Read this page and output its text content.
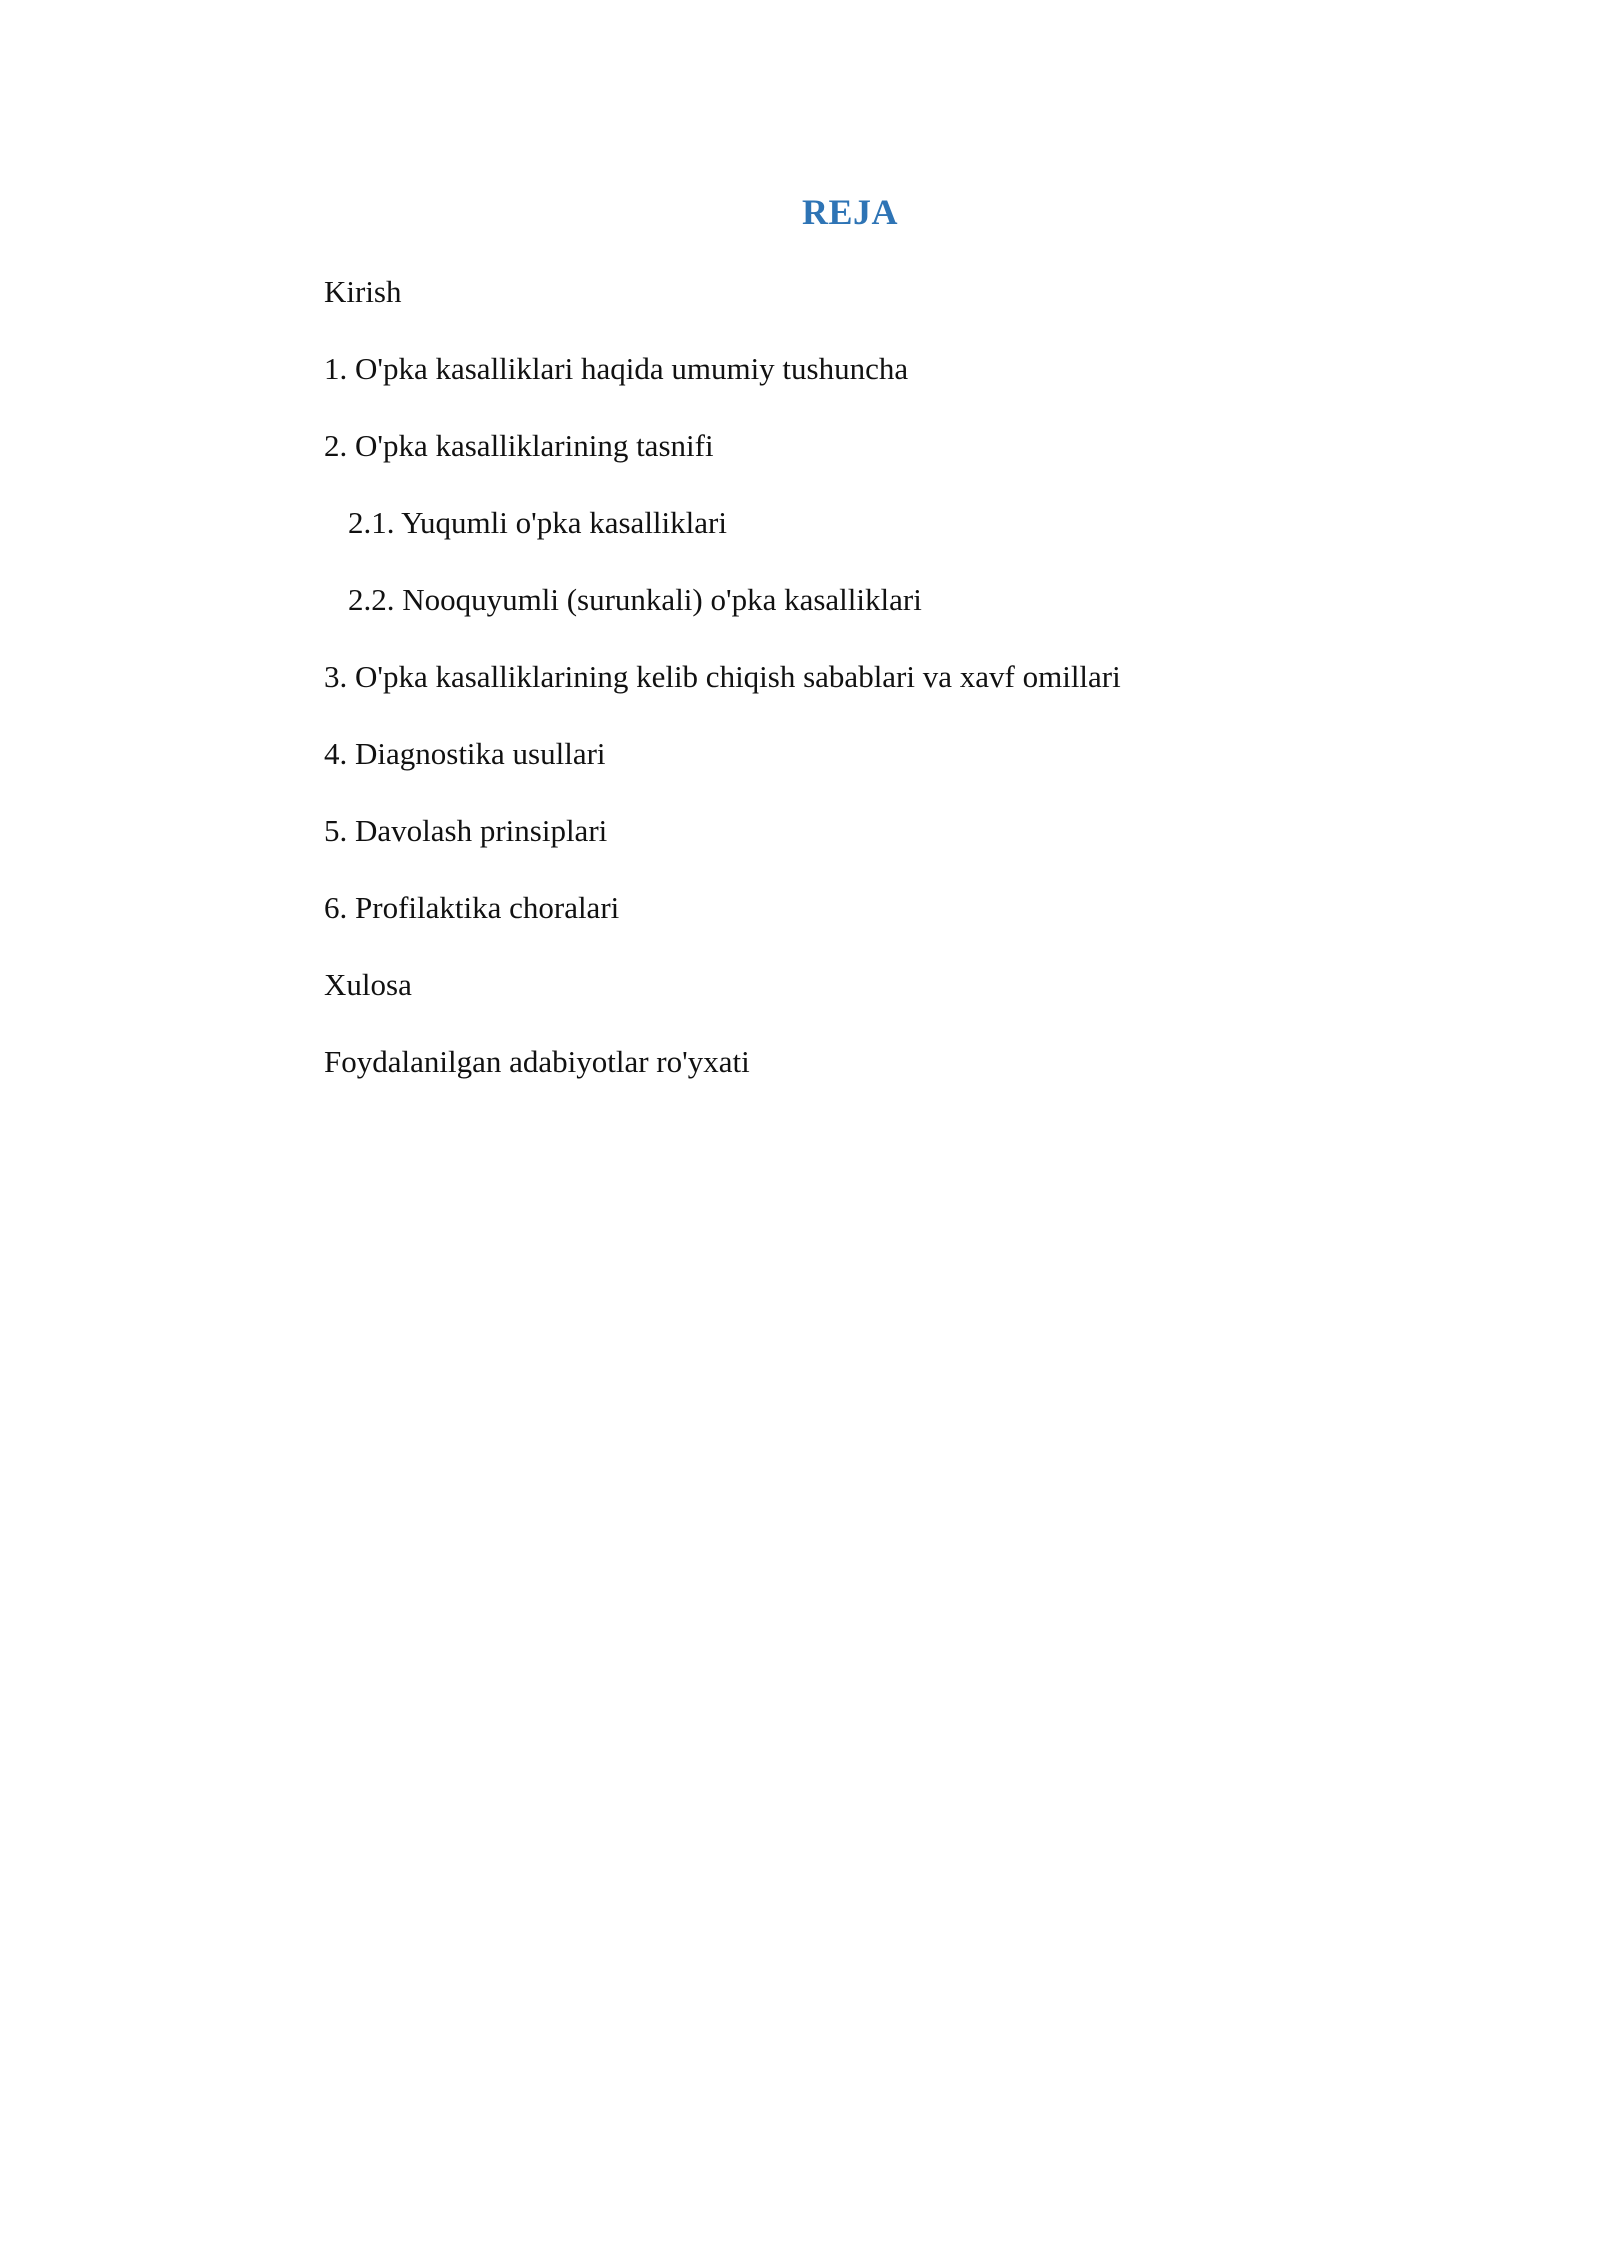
REJA
Kirish
1. O'pka kasalliklari haqida umumiy tushuncha
2. O'pka kasalliklarining tasnifi
2.1. Yuqumli o'pka kasalliklari
2.2. Nooquyumli (surunkali) o'pka kasalliklari
3. O'pka kasalliklarining kelib chiqish sabablari va xavf omillari
4. Diagnostika usullari
5. Davolash prinsiplari
6. Profilaktika choralari
Xulosa
Foydalanilgan adabiyotlar ro'yxati
